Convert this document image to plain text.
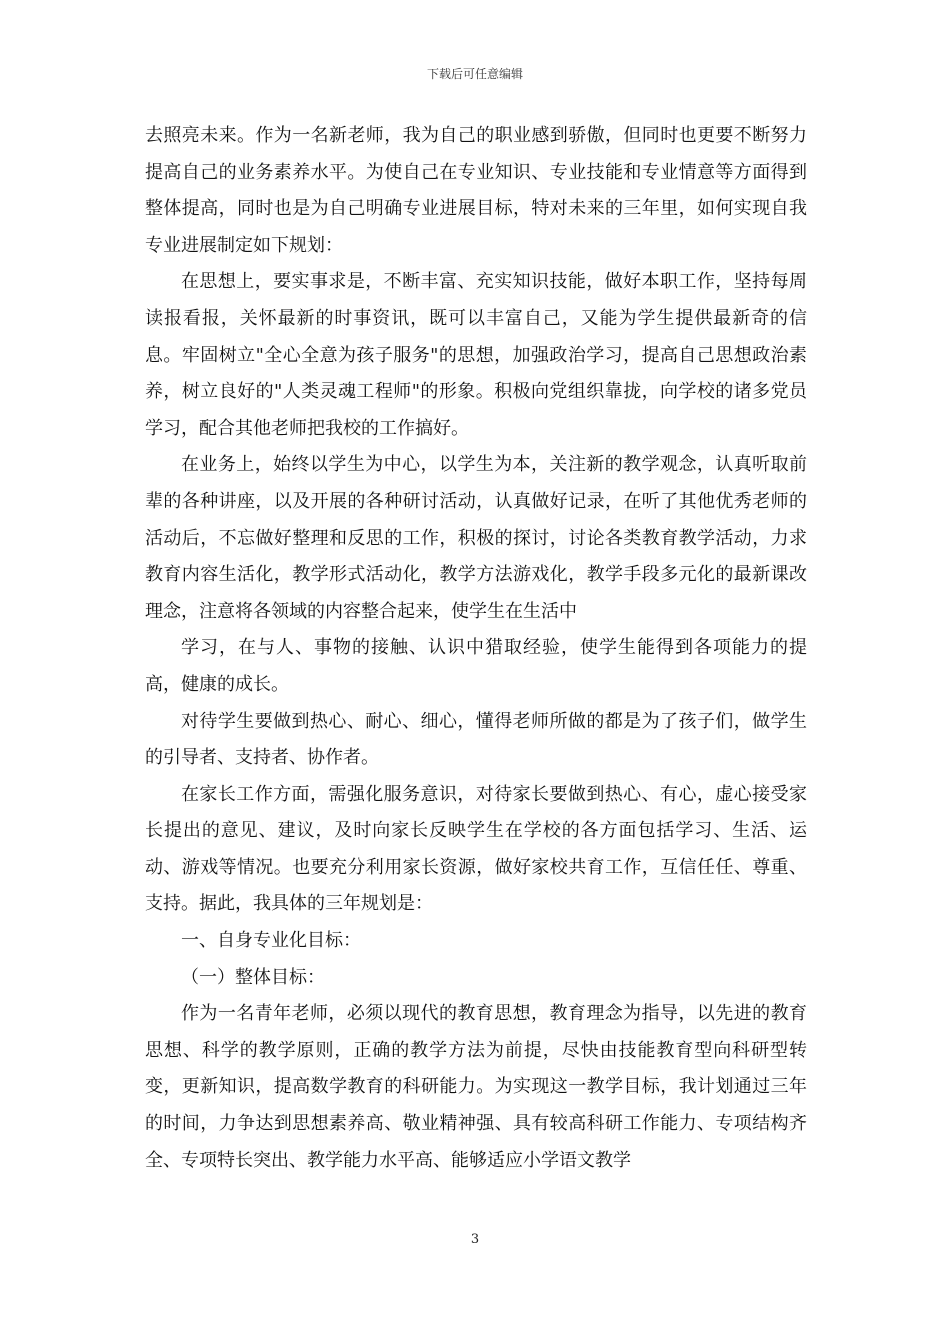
下载后可任意编辑

去照亮未来。作为一名新老师，我为自己的职业感到骄傲，但同时也更要不断努力提高自己的业务素养水平。为使自己在专业知识、专业技能和专业情意等方面得到整体提高，同时也是为自己明确专业进展目标，特对未来的三年里，如何实现自我专业进展制定如下规划：

在思想上，要实事求是，不断丰富、充实知识技能，做好本职工作，坚持每周读报看报，关怀最新的时事资讯，既可以丰富自己，又能为学生提供最新奇的信息。牢固树立"全心全意为孩子服务"的思想，加强政治学习，提高自己思想政治素养，树立良好的"人类灵魂工程师"的形象。积极向党组织靠拢，向学校的诸多党员学习，配合其他老师把我校的工作搞好。

在业务上，始终以学生为中心，以学生为本，关注新的教学观念，认真听取前辈的各种讲座，以及开展的各种研讨活动，认真做好记录，在听了其他优秀老师的活动后，不忘做好整理和反思的工作，积极的探讨，讨论各类教育教学活动，力求教育内容生活化，教学形式活动化，教学方法游戏化，教学手段多元化的最新课改理念，注意将各领域的内容整合起来，使学生在生活中

学习，在与人、事物的接触、认识中猎取经验，使学生能得到各项能力的提高，健康的成长。

对待学生要做到热心、耐心、细心，懂得老师所做的都是为了孩子们，做学生的引导者、支持者、协作者。

在家长工作方面，需强化服务意识，对待家长要做到热心、有心，虚心接受家长提出的意见、建议，及时向家长反映学生在学校的各方面包括学习、生活、运动、游戏等情况。也要充分利用家长资源，做好家校共育工作，互信任任、尊重、支持。据此，我具体的三年规划是：

一、自身专业化目标：

（一）整体目标：

作为一名青年老师，必须以现代的教育思想，教育理念为指导，以先进的教育思想、科学的教学原则，正确的教学方法为前提，尽快由技能教育型向科研型转变，更新知识，提高数学教育的科研能力。为实现这一教学目标，我计划通过三年的时间，力争达到思想素养高、敬业精神强、具有较高科研工作能力、专项结构齐全、专项特长突出、教学能力水平高、能够适应小学语文教学

3
